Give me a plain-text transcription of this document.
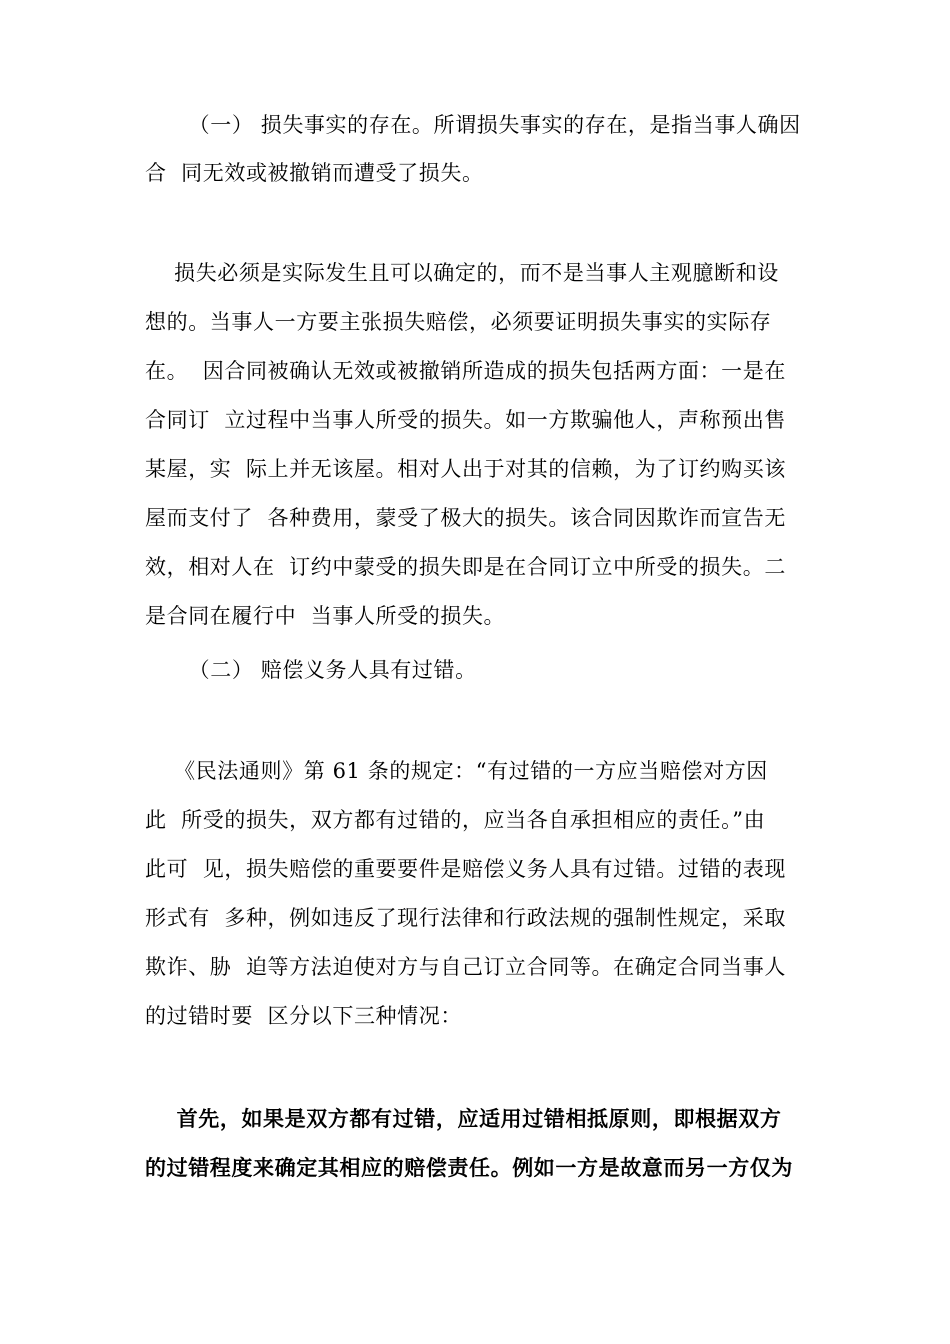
（一） 损失事实的存在。所谓损失事实的存在，是指当事人确因
合  同无效或被撤销而遭受了损失。
损失必须是实际发生且可以确定的，而不是当事人主观臆断和设
想的。当事人一方要主张损失赔偿，必须要证明损失事实的实际存
在。  因合同被确认无效或被撤销所造成的损失包括两方面：一是在
合同订  立过程中当事人所受的损失。如一方欺骗他人，声称预出售
某屋，实  际上并无该屋。相对人出于对其的信赖，为了订约购买该
屋而支付了  各种费用，蒙受了极大的损失。该合同因欺诈而宣告无
效，相对人在  订约中蒙受的损失即是在合同订立中所受的损失。二
是合同在履行中  当事人所受的损失。
（二） 赔偿义务人具有过错。
《民法通则》第 61 条的规定：“有过错的一方应当赔偿对方因
此  所受的损失，双方都有过错的，应当各自承担相应的责任。”由
此可  见，损失赔偿的重要要件是赔偿义务人具有过错。过错的表现
形式有  多种，例如违反了现行法律和行政法规的强制性规定，采取
欺诈、胁  迫等方法迫使对方与自己订立合同等。在确定合同当事人
的过错时要  区分以下三种情况：
首先，如果是双方都有过错，应适用过错相抵原则，即根据双方
的过错程度来确定其相应的赔偿责任。例如一方是故意而另一方仅为
